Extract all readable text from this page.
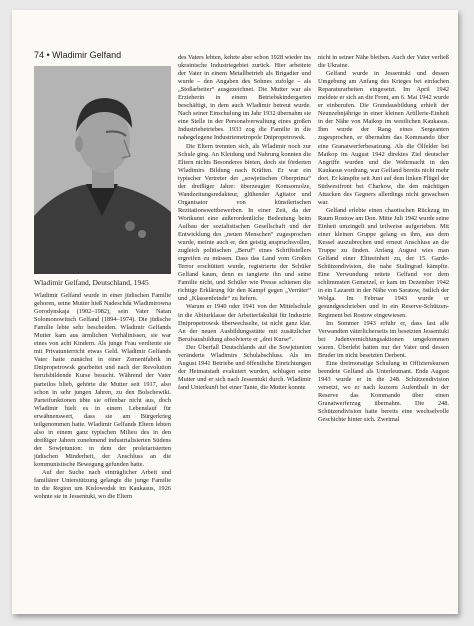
74 • Wladimir Gelfand
Wladimir Gelfand, Deutschland, 1945

Wladimir Gelfand wurde in einer jüdischen Familie geboren, seine Mutter hieß Nadeschda Wladimirowna Gorodynskaja (1902–1982), sein Vater Natan Solomonowitsch Gelfand (1894–1974). Die jüdische Familie lebte sehr bescheiden. Wladimir Gelfands Mutter kam aus ärmlichen Verhältnissen, sie war eines von acht Kindern. Als junge Frau verdiente sie mit Privatunterricht etwas Geld. Wladimir Gelfands Vater hatte zunächst in einer Zementfabrik in Dnipropetrowsk gearbeitet und nach der Revolution berufsbildende Kurse besucht. Während der Vater parteilos blieb, gehörte die Mutter seit 1917, also schon in sehr jungen Jahren, zu den Bolschewiki. Parteifunktionen übte sie offenbar nicht aus, doch Wladimir hielt es in einem Lebenslauf für erwähnenswert, dass sie am Bürgerkrieg teilgenommen hatte. Wladimir Gelfands Eltern lebten also in einem ganz typischen Milieu des in den dreißiger Jahren zunehmend industrialisierten Südens der Sowjetunion: in dem der proletarisierten jüdischen Minderheit, der Anschluss an die kommunistische Bewegung gefunden hatte.

Auf der Suche nach einträglicher Arbeit und familiärer Unterstützung gelangte die junge Familie in die Region um Kislowodsk im Kaukasus, 1926 wohnte sie in Jessentuki, wo die Eltern

des Vaters lebten, kehrte aber schon 1928 wieder ins ukrainische Industriegebiet zurück. Hier arbeitete der Vater in einem Metallbetrieb als Brigadier und wurde – den Angaben des Sohnes zufolge – als „Stoßarbeiter“ ausgezeichnet. Die Mutter war als Erzieherin in einem Betriebskindergarten beschäftigt, in dem auch Wladimir betreut wurde. Nach seiner Einschulung im Jahr 1932 übernahm sie eine Stelle in der Personalverwaltung eines großen Industriebetriebes. 1933 zog die Familie in die nahegelegene Industriemetropole Dnipropetrowsk.

Die Eltern trennten sich, als Wladimir noch zur Schule ging. An Kleidung und Nahrung konnten die Eltern nichts Besonderes bieten, doch sie förderten Wladimirs Bildung nach Kräften. Er war ein typischer Vertreter der „sowjetischen Oberprima“ der dreißiger Jahre: überzeugter Komsomolze, Wandzeitungsredakteur, glühender Agitator und Organisator von künstlerischen Rezitationswettbewerben. In einer Zeit, da der Wortkunst eine außerordentliche Bedeutung beim Aufbau der sozialistischen Gesellschaft und der Entwicklung des „neuen Menschen“ zugesprochen wurde, meinte auch er, den geistig anspruchsvollen, zugleich politischen „Beruf“ eines Schriftstellers ergreifen zu müssen. Dass das Land vom Großen Terror erschüttert wurde, registrierte der Schüler Gelfand kaum, denn es tangierte ihn und seine Familie nicht, und Schüler wie Presse schienen die richtige Erklärung für den Kampf gegen „Verräter“ und „Klassenfeinde“ zu liefern.

Warum er 1940 oder 1941 von der Mittelschule in die Abiturklasse der Arbeiterfakultät für Industrie Dnipropetrowsk überwechselte, ist nicht ganz klar. An der neuen Ausbildungsstätte mit zusätzlicher Berufsausbildung absolvierte er „drei Kurse“.

Der Überfall Deutschlands auf die Sowjetunion veränderte Wladimirs Schulabschluss. Als im August 1941 Betriebe und öffentliche Einrichtungen der Heimatstadt evakuiert wurden, schlugen seine Mutter und er sich nach Jessentuki durch. Wladimir fand Unterkunft bei einer Tante, die Mutter konnte

nicht in seiner Nähe bleiben. Auch der Vater verließ die Ukraine.

Gelfand wurde in Jessentuki und dessen Umgebung am Anfang des Krieges bei einfachen Reparaturarbeiten eingesetzt. Im April 1942 meldete er sich an die Front, am 6. Mai 1942 wurde er einberufen. Die Grundausbildung erhielt der Neunzehnjährige in einer kleinen Artillerie-Einheit in der Nähe von Maikop im westlichen Kaukasus. Ihm wurde der Rang eines Sergeanten zugesprochen, er übernahm das Kommando über eine Granatwerferbesatzung. Als die Ölfelder bei Maikop im August 1942 direktes Ziel deutscher Angriffe wurden und die Wehrmacht in den Kaukasus vordrang, war Gelfand bereits nicht mehr dort. Er kämpfte seit Juni auf dem linken Flügel der Südwestfront bei Charkow, die den mächtigen Attacken des Gegners allerdings nicht gewachsen war.

Gelfand erlebte einen chaotischen Rückzug im Raum Rostow am Don. Mitte Juli 1942 wurde seine Einheit umzingelt und teilweise aufgerieben. Mit einer kleinen Gruppe gelang es ihm, aus dem Kessel auszubrechen und erneut Anschluss an die Truppe zu finden. Anfang August wies man Gelfand einer Eliteeinheit zu, der 15. Garde-Schützendivision, die nahe Stalingrad kämpfte. Eine Verwundung rettete Gelfand vor dem schlimmsten Gemetzel, er kam im Dezember 1942 in ein Lazarett in der Nähe von Saratow, östlich der Wolga. Im Februar 1943 wurde er gesundgeschrieben und in ein Reserve-Schützen-Regiment bei Rostow eingewiesen.

Im Sommer 1943 erfuhr er, dass fast alle Verwandten väterlicherseits im besetzten Jessentuki bei Judenvernichtungsaktionen umgekommen waren. Überlebt hatten nur der Vater und dessen Bruder im nicht besetzten Derbent.

Eine dreimonatige Schulung in Offizierskursen beendete Gelfand als Unterleutnant. Ende August 1943 wurde er in die 248. Schützendivision versetzt, wo er nach kurzem Aufenthalt in der Reserve das Kommando über einen Granatwerferzug übernahm. Die 248. Schützendivision hatte bereits eine wechselvolle Geschichte hinter sich. Zweimal
